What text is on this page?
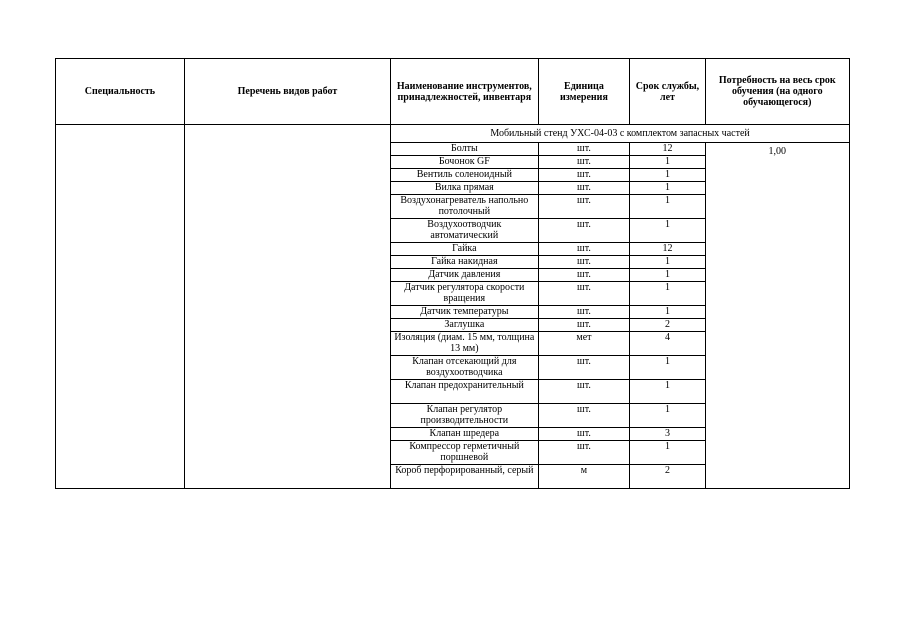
Специальность	Перечень видов работ	Наименование инструментов, принадлежностей, инвентаря	Единица измерения	Срок службы, лет	Потребность на весь срок обучения (на одного обучающегося)
		Мобильный стенд УХС-04-03 с комплектом запасных частей			
		Болты	шт.	12	1,00
		Бочонок GF	шт.	1	
		Вентиль соленоидный	шт.	1	
		Вилка прямая	шт.	1	
		Воздухонагреватель напольно потолочный	шт.	1	
		Воздухоотводчик автоматический	шт.	1	
		Гайка	шт.	12	
		Гайка накидная	шт.	1	
		Датчик давления	шт.	1	
		Датчик регулятора скорости вращения	шт.	1	
		Датчик температуры	шт.	1	
		Заглушка	шт.	2	
		Изоляция (диам. 15 мм, толщина 13 мм)	мет	4	
		Клапан отсекающий для воздухоотводчика	шт.	1	
		Клапан предохранительный	шт.	1	
		Клапан регулятор производительности	шт.	1	
		Клапан шредера	шт.	3	
		Компрессор герметичный поршневой	шт.	1	
		Короб перфорированный, серый	м	2	
